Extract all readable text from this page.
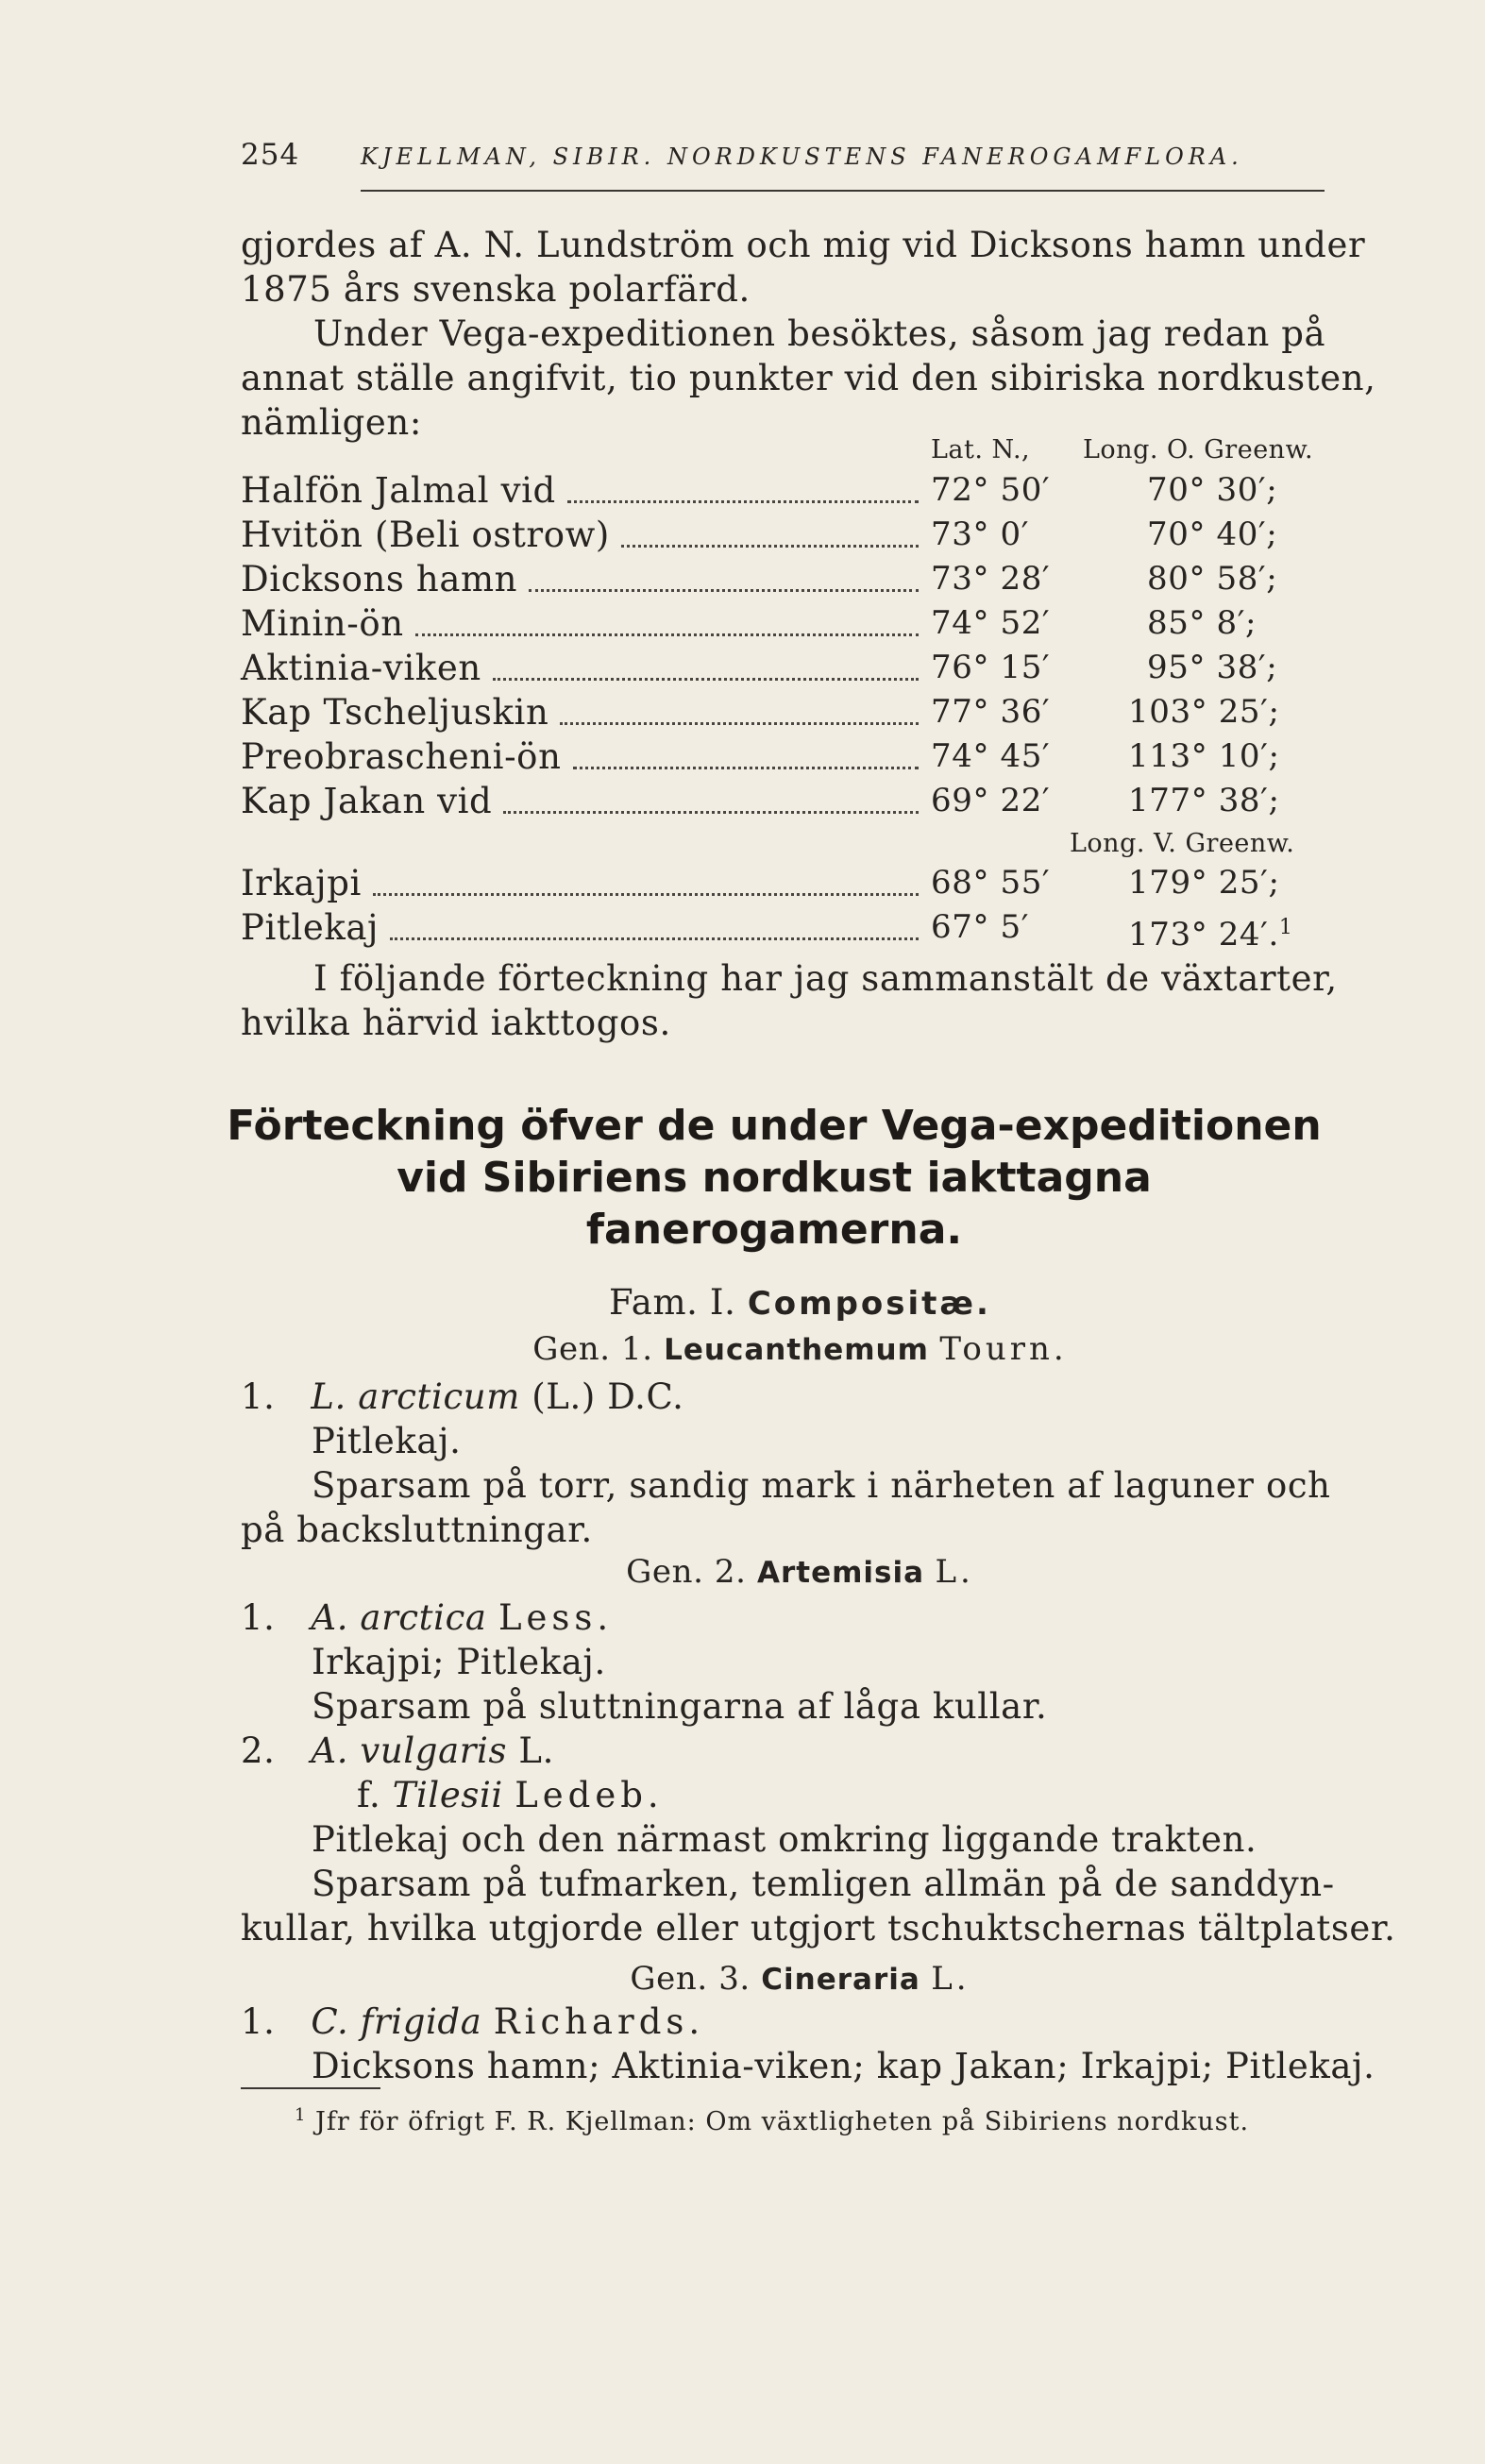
254	KJELLMAN, SIBIR. NORDKUSTENS FANEROGAMFLORA.
gjordes af A. N. Lundström och mig vid Dicksons hamn under
1875 års svenska polarfärd.
Under Vega-expeditionen besöktes, såsom jag redan på
annat ställe angifvit, tio punkter vid den sibiriska nordkusten,
nämligen:
Lat. N., Long. O. Greenw.
Halfön Jalmal vid	72° 50′	70° 30′;
Hvitön (Beli ostrow)	73° 0′	70° 40′;
Dicksons hamn	73° 28′	80° 58′;
Minin-ön	74° 52′	85° 8′;
Aktinia-viken	76° 15′	95° 38′;
Kap Tscheljuskin	77° 36′ 103° 25′;
Preobrascheni-ön	74° 45′ 113° 10′;
Kap Jakan vid	69° 22′ 177° 38′;
Long. V. Greenw.
Irkajpi	68° 55′ 179° 25′;
Pitlekaj	67° 5′	173° 24′.$^1$
I följande förteckning har jag sammanstält de växtarter,
hvilka härvid iakttogos.
Förteckning öfver de under Vega-expeditionen
vid Sibiriens nordkust iakttagna
fanerogamerna.
Fam. I. Compositæ.
Gen. 1. Leucanthemum Tourn.
1. L. arcticum (L.) D.C.
Pitlekaj.
Sparsam på torr, sandig mark i närheten af laguner och
på backsluttningar.
Gen. 2. Artemisia L.
1. A. arctica Less.
Irkajpi; Pitlekaj.
Sparsam på sluttningarna af låga kullar.
2. A. vulgaris L.
f. Tilesii Ledeb.
Pitlekaj och den närmast omkring liggande trakten.
Sparsam på tufmarken, temligen allmän på de sanddyn-
kullar, hvilka utgjorde eller utgjort tschuktschernas tältplatser.
Gen. 3. Cineraria L.
1. C. frigida Richards.
Dicksons hamn; Aktinia-viken; kap Jakan; Irkajpi; Pitlekaj.
$^1$ Jfr för öfrigt F. R. Kjellman: Om växtligheten på Sibiriens nordkust.
